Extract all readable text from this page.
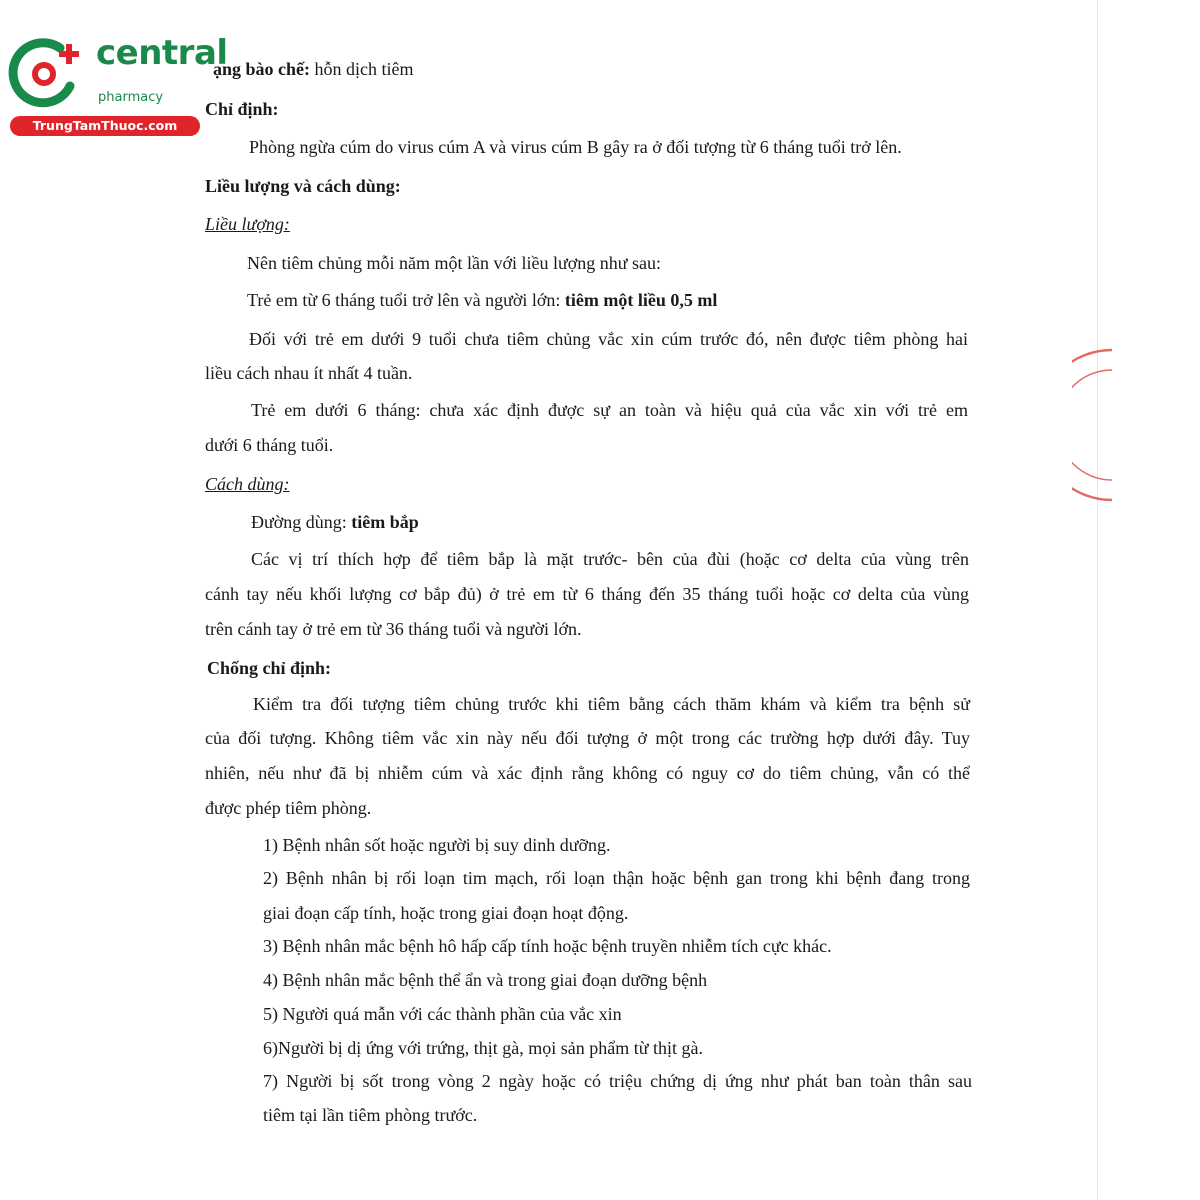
central
pharmacy
TrungTamThuoc.com
ạng bào chế: hỗn dịch tiêm
Chỉ định:
Phòng ngừa cúm do virus cúm A và virus cúm B gây ra ở đối tượng từ 6 tháng tuổi trở lên.
Liều lượng và cách dùng:
Liều lượng:
Nên tiêm chủng mỗi năm một lần với liều lượng như sau:
Trẻ em từ 6 tháng tuổi trở lên và người lớn: tiêm một liều 0,5 ml
Đối với trẻ em dưới 9 tuổi chưa tiêm chủng vắc xin cúm trước đó, nên được tiêm phòng hai
liều cách nhau ít nhất 4 tuần.
Trẻ em dưới 6 tháng: chưa xác định được sự an toàn và hiệu quả của vắc xin với trẻ em
dưới 6 tháng tuổi.
Cách dùng:
Đường dùng: tiêm bắp
Các vị trí thích hợp để tiêm bắp là mặt trước- bên của đùi (hoặc cơ delta của vùng trên
cánh tay nếu khối lượng cơ bắp đủ) ở trẻ em từ 6 tháng đến 35 tháng tuổi hoặc cơ delta của vùng
trên cánh tay ở trẻ em từ 36 tháng tuổi và người lớn.
Chống chỉ định:
Kiểm tra đối tượng tiêm chủng trước khi tiêm bằng cách thăm khám và kiểm tra bệnh sử
của đối tượng. Không tiêm vắc xin này nếu đối tượng ở một trong các trường hợp dưới đây. Tuy
nhiên, nếu như đã bị nhiễm cúm và xác định rằng không có nguy cơ do tiêm chủng, vẫn có thể
được phép tiêm phòng.
1) Bệnh nhân sốt hoặc người bị suy dinh dưỡng.
2) Bệnh nhân bị rối loạn tim mạch, rối loạn thận hoặc bệnh gan trong khi bệnh đang trong
giai đoạn cấp tính, hoặc trong giai đoạn hoạt động.
3) Bệnh nhân mắc bệnh hô hấp cấp tính hoặc bệnh truyền nhiễm tích cực khác.
4) Bệnh nhân mắc bệnh thể ẩn và trong giai đoạn dưỡng bệnh
5) Người quá mẫn với các thành phần của vắc xin
6)Người bị dị ứng với trứng, thịt gà, mọi sản phẩm từ thịt gà.
7) Người bị sốt trong vòng 2 ngày hoặc có triệu chứng dị ứng như phát ban toàn thân sau
tiêm tại lần tiêm phòng trước.
